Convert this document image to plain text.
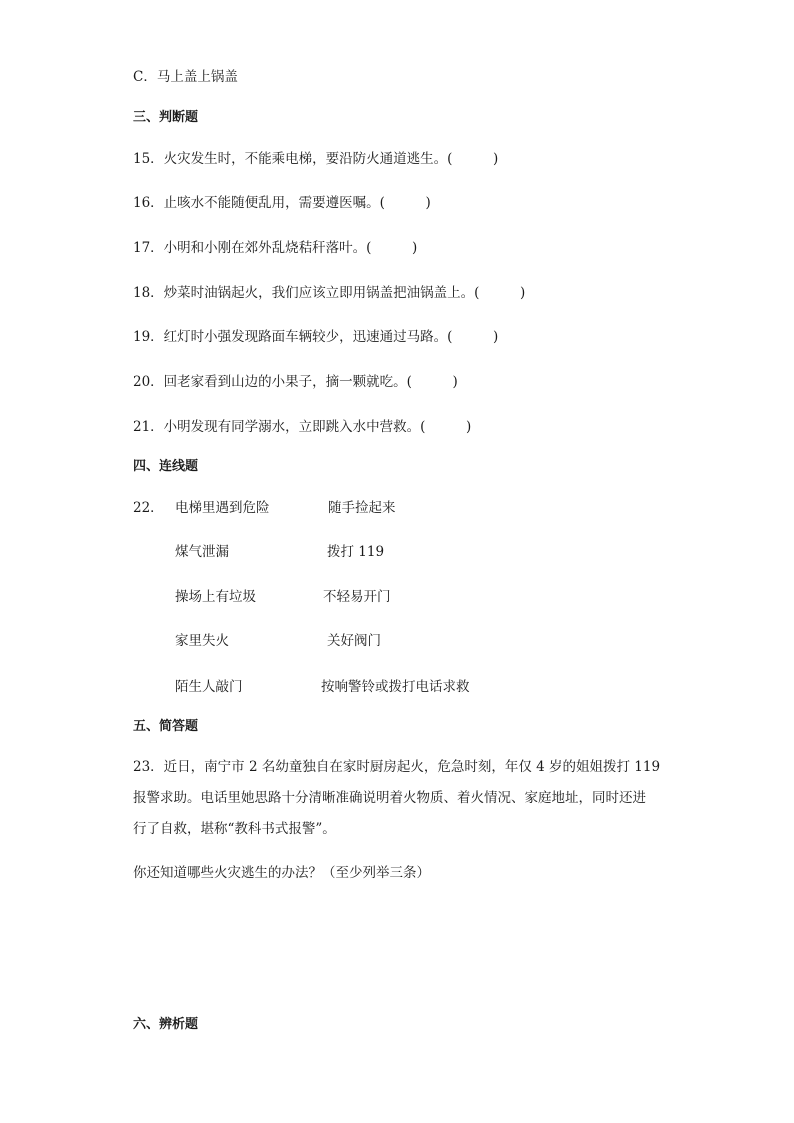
C．马上盖上锅盖
三、判断题
15．火灾发生时，不能乘电梯，要沿防火通道逃生。(　　　)
16．止咳水不能随便乱用，需要遵医嘱。(　　　)
17．小明和小刚在郊外乱烧秸秆落叶。(　　　)
18．炒菜时油锅起火，我们应该立即用锅盖把油锅盖上。(　　　)
19．红灯时小强发现路面车辆较少，迅速通过马路。(　　　)
20．回老家看到山边的小果子，摘一颗就吃。(　　　)
21．小明发现有同学溺水，立即跳入水中营救。(　　　)
四、连线题
22． 电梯里遇到危险
煤气泄漏
操场上有垃圾
家里失火
陌生人敲门
随手捡起来
拨打 119
不轻易开门
关好阀门
按响警铃或拨打电话求救
五、简答题
23．近日，南宁市 2 名幼童独自在家时厨房起火，危急时刻，年仅 4 岁的姐姐拨打 119
报警求助。电话里她思路十分清晰准确说明着火物质、着火情况、家庭地址，同时还进
行了自救，堪称“教科书式报警”。
你还知道哪些火灾逃生的办法？（至少列举三条）
六、辨析题
